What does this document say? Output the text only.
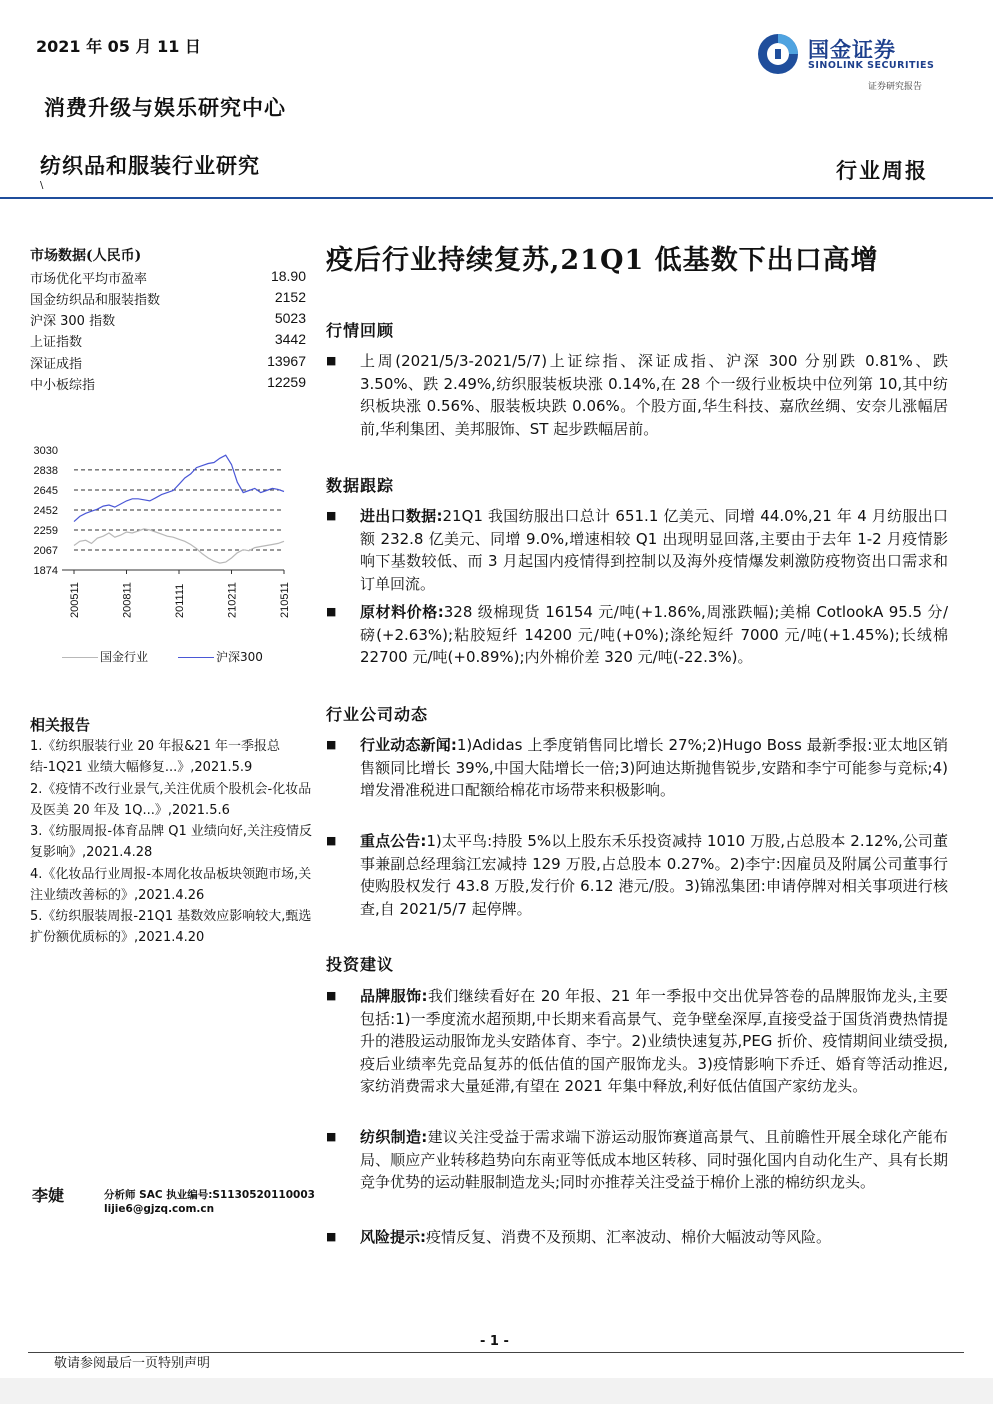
2021 年 05 月 11 日
消费升级与娱乐研究中心
纺织品和服装行业研究
\
国金证券
SINOLINK SECURITIES
证券研究报告
行业周报
市场数据(人民币)
市场优化平均市盈率	18.90
国金纺织品和服装指数	2152
沪深 300 指数	5023
上证指数	3442
深证成指	13967
中小板综指	12259
3030
2838
2645
2452
2259
2067
1874
200511	200811	201111	210211	210511
国金行业	沪深300
相关报告
1.《纺织服装行业 20 年报&21 年一季报总结-1Q21 业绩大幅修复...》,2021.5.9
2.《疫情不改行业景气,关注优质个股机会-化妆品及医美 20 年及 1Q...》,2021.5.6
3.《纺服周报-体育品牌 Q1 业绩向好,关注疫情反复影响》,2021.4.28
4.《化妆品行业周报-本周化妆品板块领跑市场,关注业绩改善标的》,2021.4.26
5.《纺织服装周报-21Q1 基数效应影响较大,甄选扩份额优质标的》,2021.4.20
李婕	分析师 SAC 执业编号:S1130520110003
lijie6@gjzq.com.cn
疫后行业持续复苏,21Q1 低基数下出口高增
行情回顾
■ 上周(2021/5/3-2021/5/7)上证综指、深证成指、沪深 300 分别跌 0.81%、跌 3.50%、跌 2.49%,纺织服装板块涨 0.14%,在 28 个一级行业板块中位列第 10,其中纺织板块涨 0.56%、服装板块跌 0.06%。个股方面,华生科技、嘉欣丝绸、安奈儿涨幅居前,华利集团、美邦服饰、ST 起步跌幅居前。
数据跟踪
■ 进出口数据:21Q1 我国纺服出口总计 651.1 亿美元、同增 44.0%,21 年 4 月纺服出口额 232.8 亿美元、同增 9.0%,增速相较 Q1 出现明显回落,主要由于去年 1-2 月疫情影响下基数较低、而 3 月起国内疫情得到控制以及海外疫情爆发刺激防疫物资出口需求和订单回流。
■ 原材料价格:328 级棉现货 16154 元/吨(+1.86%,周涨跌幅);美棉 CotlookA 95.5 分/磅(+2.63%);粘胶短纤 14200 元/吨(+0%);涤纶短纤 7000 元/吨(+1.45%);长绒棉 22700 元/吨(+0.89%);内外棉价差 320 元/吨(-22.3%)。
行业公司动态
■ 行业动态新闻:1)Adidas 上季度销售同比增长 27%;2)Hugo Boss 最新季报:亚太地区销售额同比增长 39%,中国大陆增长一倍;3)阿迪达斯抛售锐步,安踏和李宁可能参与竞标;4)增发滑准税进口配额给棉花市场带来积极影响。
■ 重点公告:1)太平鸟:持股 5%以上股东禾乐投资减持 1010 万股,占总股本 2.12%,公司董事兼副总经理翁江宏减持 129 万股,占总股本 0.27%。2)李宁:因雇员及附属公司董事行使购股权发行 43.8 万股,发行价 6.12 港元/股。3)锦泓集团:申请停牌对相关事项进行核查,自 2021/5/7 起停牌。
投资建议
■ 品牌服饰:我们继续看好在 20 年报、21 年一季报中交出优异答卷的品牌服饰龙头,主要包括:1)一季度流水超预期,中长期来看高景气、竞争壁垒深厚,直接受益于国货消费热情提升的港股运动服饰龙头安踏体育、李宁。2)业绩快速复苏,PEG 折价、疫情期间业绩受损,疫后业绩率先竞品复苏的低估值的国产服饰龙头。3)疫情影响下乔迁、婚育等活动推迟,家纺消费需求大量延滞,有望在 2021 年集中释放,利好低估值国产家纺龙头。
■ 纺织制造:建议关注受益于需求端下游运动服饰赛道高景气、且前瞻性开展全球化产能布局、顺应产业转移趋势向东南亚等低成本地区转移、同时强化国内自动化生产、具有长期竞争优势的运动鞋服制造龙头;同时亦推荐关注受益于棉价上涨的棉纺织龙头。
■ 风险提示:疫情反复、消费不及预期、汇率波动、棉价大幅波动等风险。
- 1 -
敬请参阅最后一页特别声明
